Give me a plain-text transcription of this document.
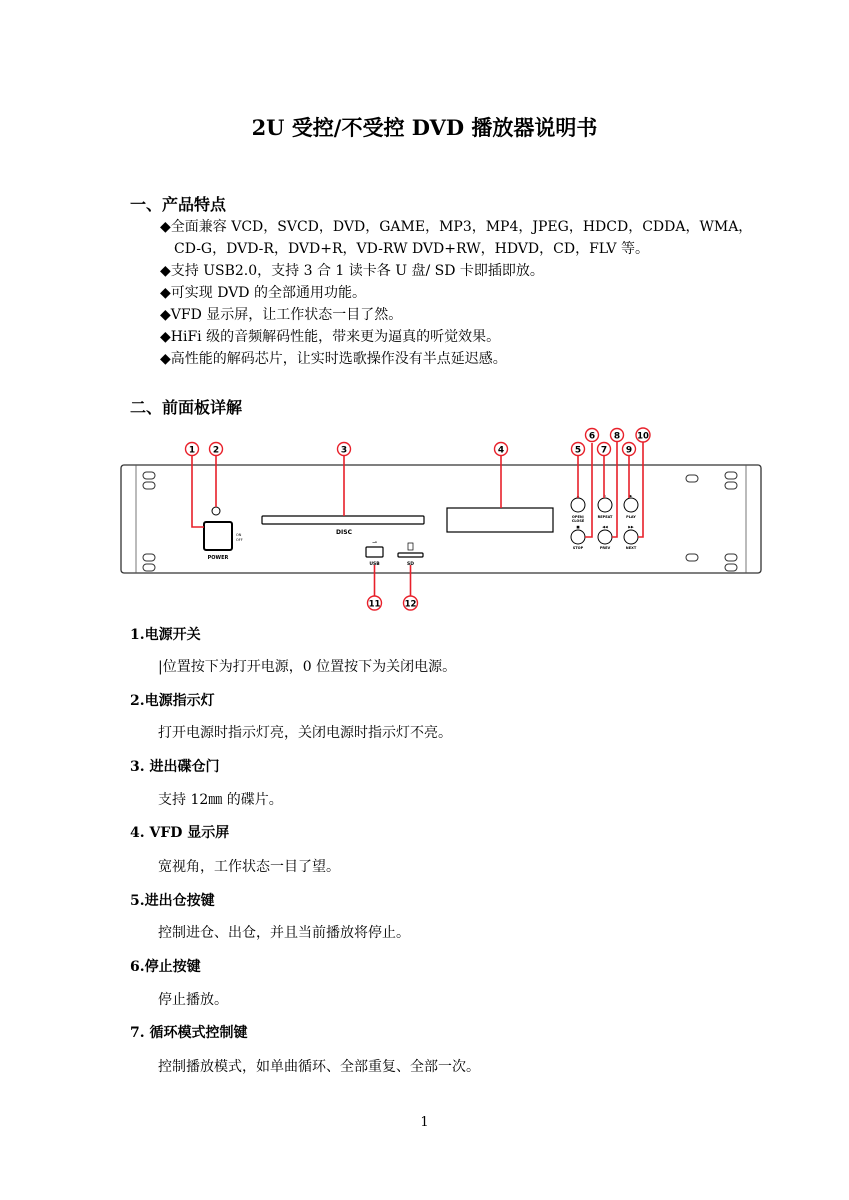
2U 受控/不受控 DVD 播放器说明书
一、产品特点
◆全面兼容 VCD，SVCD，DVD，GAME，MP3，MP4，JPEG，HDCD，CDDA，WMA，
CD-G，DVD-R，DVD+R，VD-RW DVD+RW，HDVD，CD，FLV 等。
◆支持 USB2.0，支持 3 合 1 读卡各 U 盘/ SD 卡即插即放。
◆可实现 DVD 的全部通用功能。
◆VFD 显示屏，让工作状态一目了然。
◆HiFi 级的音频解码性能，带来更为逼真的听觉效果。
◆高性能的解码芯片，让实时选歌操作没有半点延迟感。
二、前面板详解
POWER
ON
OFF
DISC
⇀
USB	SD
▲
OPEN/
CLOSE
■
STOP
↻
REPEAT
◀◀
PREV
▶
PLAY
▶▶
NEXT
1 2	3	4	5
6
7
8
9
10
11	12
1.电源开关
|位置按下为打开电源，0 位置按下为关闭电源。
2.电源指示灯
打开电源时指示灯亮，关闭电源时指示灯不亮。
3. 进出碟仓门
支持 12㎜ 的碟片。
4. VFD 显示屏
宽视角，工作状态一目了望。
5.进出仓按键
控制进仓、出仓，并且当前播放将停止。
6.停止按键
停止播放。
7. 循环模式控制键
控制播放模式，如单曲循环、全部重复、全部一次。
1
